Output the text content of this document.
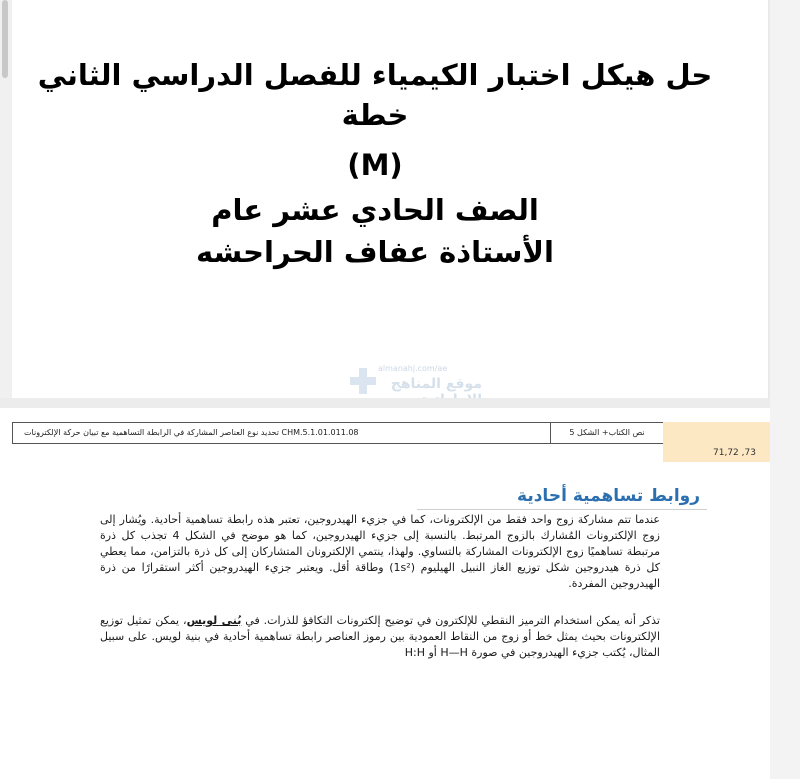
حل هيكل اختبار الكيمياء للفصل الدراسي الثاني
خطة
(M)
الصف الحادي عشر عام
الأستاذة عفاف الحراحشه
almanahj.com/ae
موقع المناهج
نص الكتاب+ الشكل 5
CHM.5.1.01.011.08 تحديد نوع العناصر المشاركة في الرابطة التساهمية مع تبيان حركة الإلكترونات
71,72 ,73
روابط تساهمية أحادية
عندما تتم مشاركة زوج واحد فقط من الإلكترونات، كما في جزيء الهيدروجين، تعتبر هذه رابطة تساهمية أحادية. ويُشار إلى زوج الإلكترونات المُشارك بالزوج المرتبط. بالنسبة إلى جزيء الهيدروجين، كما هو موضح في الشكل 4 تجذب كل ذرة مرتبطة تساهميًا زوج الإلكترونات المشاركة بالتساوي. ولهذا، ينتمي الإلكترونان المتشاركان إلى كل ذرة بالتزامن، مما يعطي كل ذرة هيدروجين شكل توزيع الغاز النبيل الهيليوم (1s²) وطاقة أقل. ويعتبر جزيء الهيدروجين أكثر استقرارًا من ذرة الهيدروجين المفردة.
تذكر أنه يمكن استخدام الترميز النقطي للإلكترون في توضيح إلكترونات التكافؤ للذرات. في بُنى لويس، يمكن تمثيل توزيع الإلكترونات بحيث يمثل خط أو زوج من النقاط العمودية بين رموز العناصر رابطة تساهمية أحادية في بنية لويس. على سبيل المثال، يُكتب جزيء الهيدروجين في صورة H—H أو H:H
